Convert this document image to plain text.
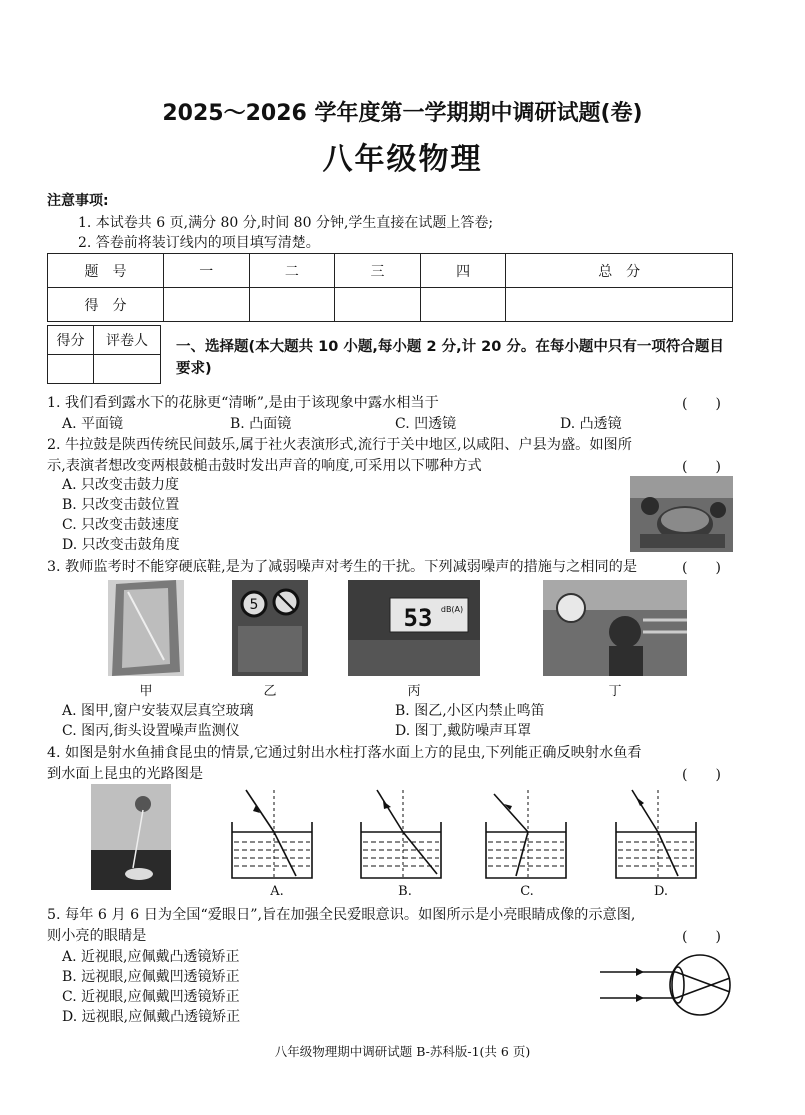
2025～2026 学年度第一学期期中调研试题(卷)
八年级物理
注意事项:
1. 本试卷共 6 页,满分 80 分,时间 80 分钟,学生直接在试题上答卷;
2. 答卷前将装订线内的项目填写清楚。
题　号	一	二	三	四	总　分
得　分					
得分	评卷人
	一、选择题(本大题共 10 小题,每小题 2 分,计 20 分。在每小题中只有一项符合题目要求)
1. 我们看到露水下的花脉更“清晰”,是由于该现象中露水相当于	(　　)
A. 平面镜	B. 凸面镜	C. 凹透镜	D. 凸透镜
2. 牛拉鼓是陕西传统民间鼓乐,属于社火表演形式,流行于关中地区,以咸阳、户县为盛。如图所
示,表演者想改变两根鼓槌击鼓时发出声音的响度,可采用以下哪种方式	(　　)
A. 只改变击鼓力度
B. 只改变击鼓位置
C. 只改变击鼓速度
D. 只改变击鼓角度
3. 教师监考时不能穿硬底鞋,是为了减弱噪声对考生的干扰。下列减弱噪声的措施与之相同的是	(　　)
5	53 dB(A)
甲	乙	丙	丁
A. 图甲,窗户安装双层真空玻璃	B. 图乙,小区内禁止鸣笛
C. 图丙,街头设置噪声监测仪	D. 图丁,戴防噪声耳罩
4. 如图是射水鱼捕食昆虫的情景,它通过射出水柱打落水面上方的昆虫,下列能正确反映射水鱼看
到水面上昆虫的光路图是	(　　)
A.	B.	C.	D.
5. 每年 6 月 6 日为全国“爱眼日”,旨在加强全民爱眼意识。如图所示是小亮眼睛成像的示意图,
则小亮的眼睛是	(　　)
A. 近视眼,应佩戴凸透镜矫正
B. 远视眼,应佩戴凹透镜矫正
C. 近视眼,应佩戴凹透镜矫正
D. 远视眼,应佩戴凸透镜矫正
八年级物理期中调研试题 B-苏科版-1(共 6 页)
